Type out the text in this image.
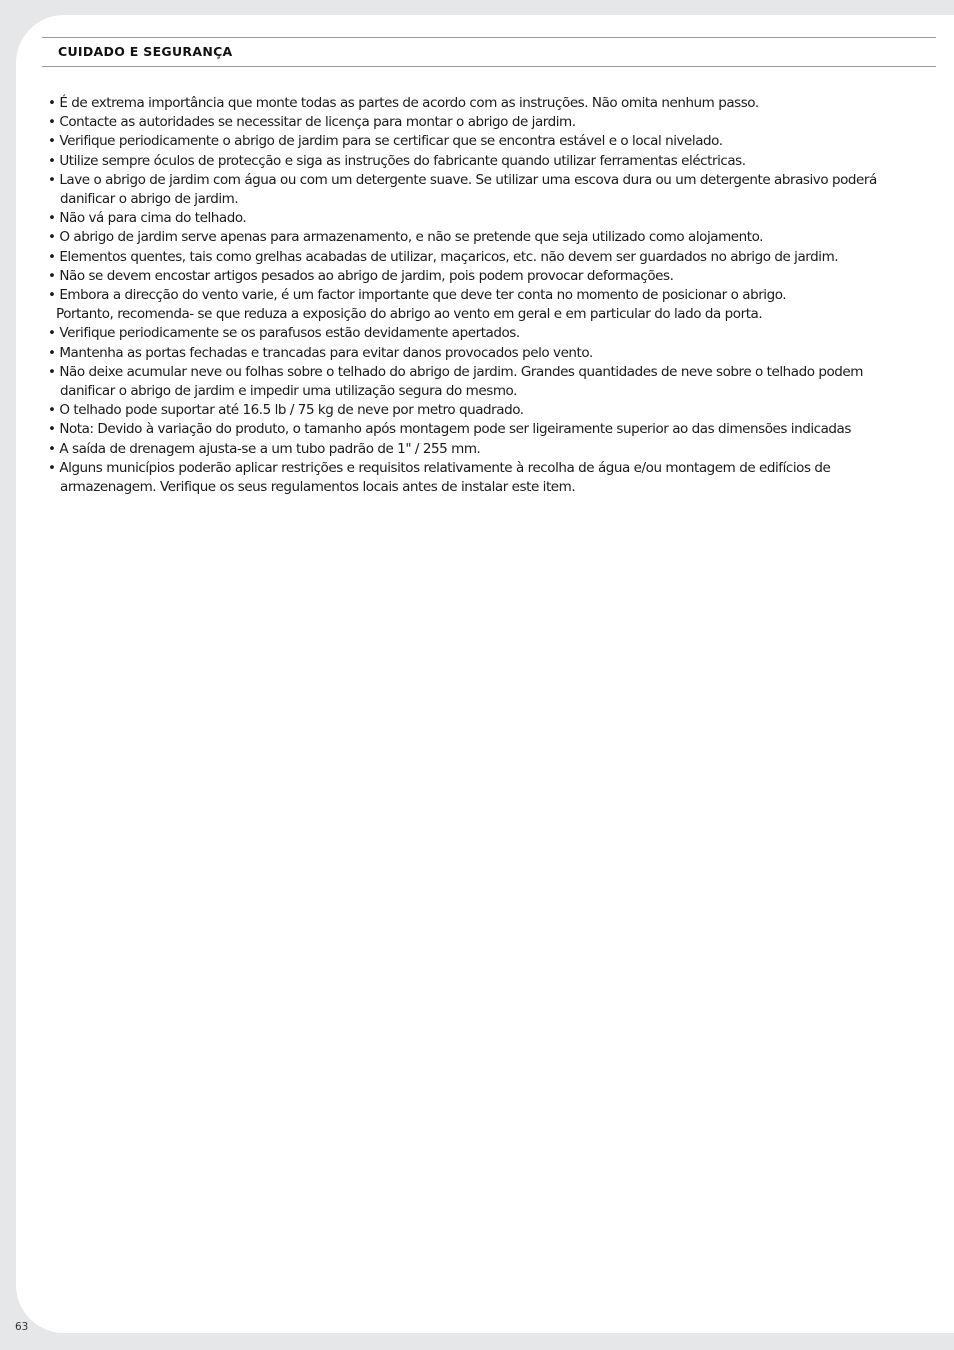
CUIDADO E SEGURANÇA
• É de extrema importância que monte todas as partes de acordo com as instruções. Não omita nenhum passo.
• Contacte as autoridades se necessitar de licença para montar o abrigo de jardim.
• Verifique periodicamente o abrigo de jardim para se certificar que se encontra estável e o local nivelado.
• Utilize sempre óculos de protecção e siga as instruções do fabricante quando utilizar ferramentas eléctricas.
• Lave o abrigo de jardim com água ou com um detergente suave. Se utilizar uma escova dura ou um detergente abrasivo poderá
danificar o abrigo de jardim.
• Não vá para cima do telhado.
• O abrigo de jardim serve apenas para armazenamento, e não se pretende que seja utilizado como alojamento.
• Elementos quentes, tais como grelhas acabadas de utilizar, maçaricos, etc. não devem ser guardados no abrigo de jardim.
• Não se devem encostar artigos pesados ao abrigo de jardim, pois podem provocar deformações.
• Embora a direcção do vento varie, é um factor importante que deve ter conta no momento de posicionar o abrigo.
Portanto, recomenda- se que reduza a exposição do abrigo ao vento em geral e em particular do lado da porta.
• Verifique periodicamente se os parafusos estão devidamente apertados.
• Mantenha as portas fechadas e trancadas para evitar danos provocados pelo vento.
• Não deixe acumular neve ou folhas sobre o telhado do abrigo de jardim. Grandes quantidades de neve sobre o telhado podem
danificar o abrigo de jardim e impedir uma utilização segura do mesmo.
• O telhado pode suportar até 16.5 lb / 75 kg de neve por metro quadrado.
• Nota: Devido à variação do produto, o tamanho após montagem pode ser ligeiramente superior ao das dimensões indicadas
• A saída de drenagem ajusta-se a um tubo padrão de 1" / 255 mm.
• Alguns municípios poderão aplicar restrições e requisitos relativamente à recolha de água e/ou montagem de edifícios de
armazenagem. Verifique os seus regulamentos locais antes de instalar este item.
63
